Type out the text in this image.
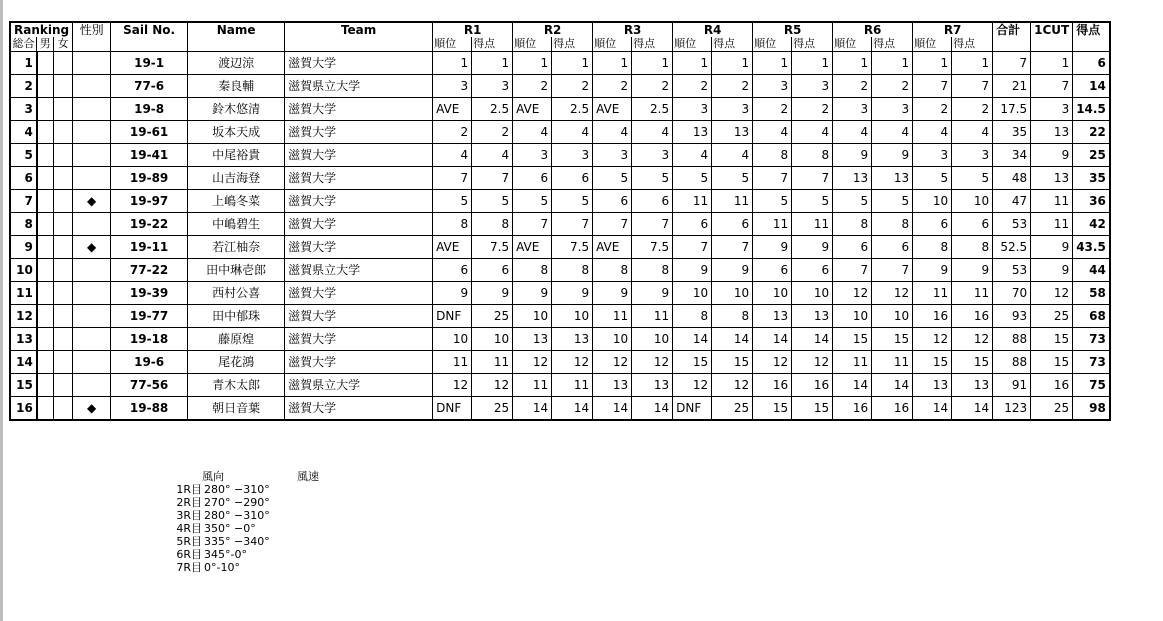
Ranking			性別	Sail No.	Name	Team	R1		R2		R3		R4		R5		R6		R7		合計	1CUT	得点
総合	男	女					順位	得点	順位	得点	順位	得点	順位	得点	順位	得点	順位	得点	順位	得点			
1				19-1	渡辺涼	滋賀大学	1	1	1	1	1	1	1	1	1	1	1	1	1	1	7	1	6
2				77-6	秦良輔	滋賀県立大学	3	3	2	2	2	2	2	2	3	3	2	2	7	7	21	7	14
3				19-8	鈴木悠清	滋賀大学	AVE	2.5	AVE	2.5	AVE	2.5	3	3	2	2	3	3	2	2	17.5	3	14.5
4				19-61	坂本天成	滋賀大学	2	2	4	4	4	4	13	13	4	4	4	4	4	4	35	13	22
5				19-41	中尾裕貴	滋賀大学	4	4	3	3	3	3	4	4	8	8	9	9	3	3	34	9	25
6				19-89	山吉海登	滋賀大学	7	7	6	6	5	5	5	5	7	7	13	13	5	5	48	13	35
7			◆	19-97	上嶋冬菜	滋賀大学	5	5	5	5	6	6	11	11	5	5	5	5	10	10	47	11	36
8				19-22	中嶋碧生	滋賀大学	8	8	7	7	7	7	6	6	11	11	8	8	6	6	53	11	42
9			◆	19-11	若江柚奈	滋賀大学	AVE	7.5	AVE	7.5	AVE	7.5	7	7	9	9	6	6	8	8	52.5	9	43.5
10				77-22	田中琳壱郎	滋賀県立大学	6	6	8	8	8	8	9	9	6	6	7	7	9	9	53	9	44
11				19-39	西村公喜	滋賀大学	9	9	9	9	9	9	10	10	10	10	12	12	11	11	70	12	58
12				19-77	田中郁珠	滋賀大学	DNF	25	10	10	11	11	8	8	13	13	10	10	16	16	93	25	68
13				19-18	藤原煌	滋賀大学	10	10	13	13	10	10	14	14	14	14	15	15	12	12	88	15	73
14				19-6	尾花鴻	滋賀大学	11	11	12	12	12	12	15	15	12	12	11	11	15	15	88	15	73
15				77-56	青木太郎	滋賀県立大学	12	12	11	11	13	13	12	12	16	16	14	14	13	13	91	16	75
16			◆	19-88	朝日音葉	滋賀大学	DNF	25	14	14	14	14	DNF	25	15	15	16	16	14	14	123	25	98
風向	風速
1R目 280° −310°
2R目 270° −290°
3R目 280° −310°
4R目 350° −0°
5R目 335° −340°
6R目 345°-0°
7R目 0°-10°
